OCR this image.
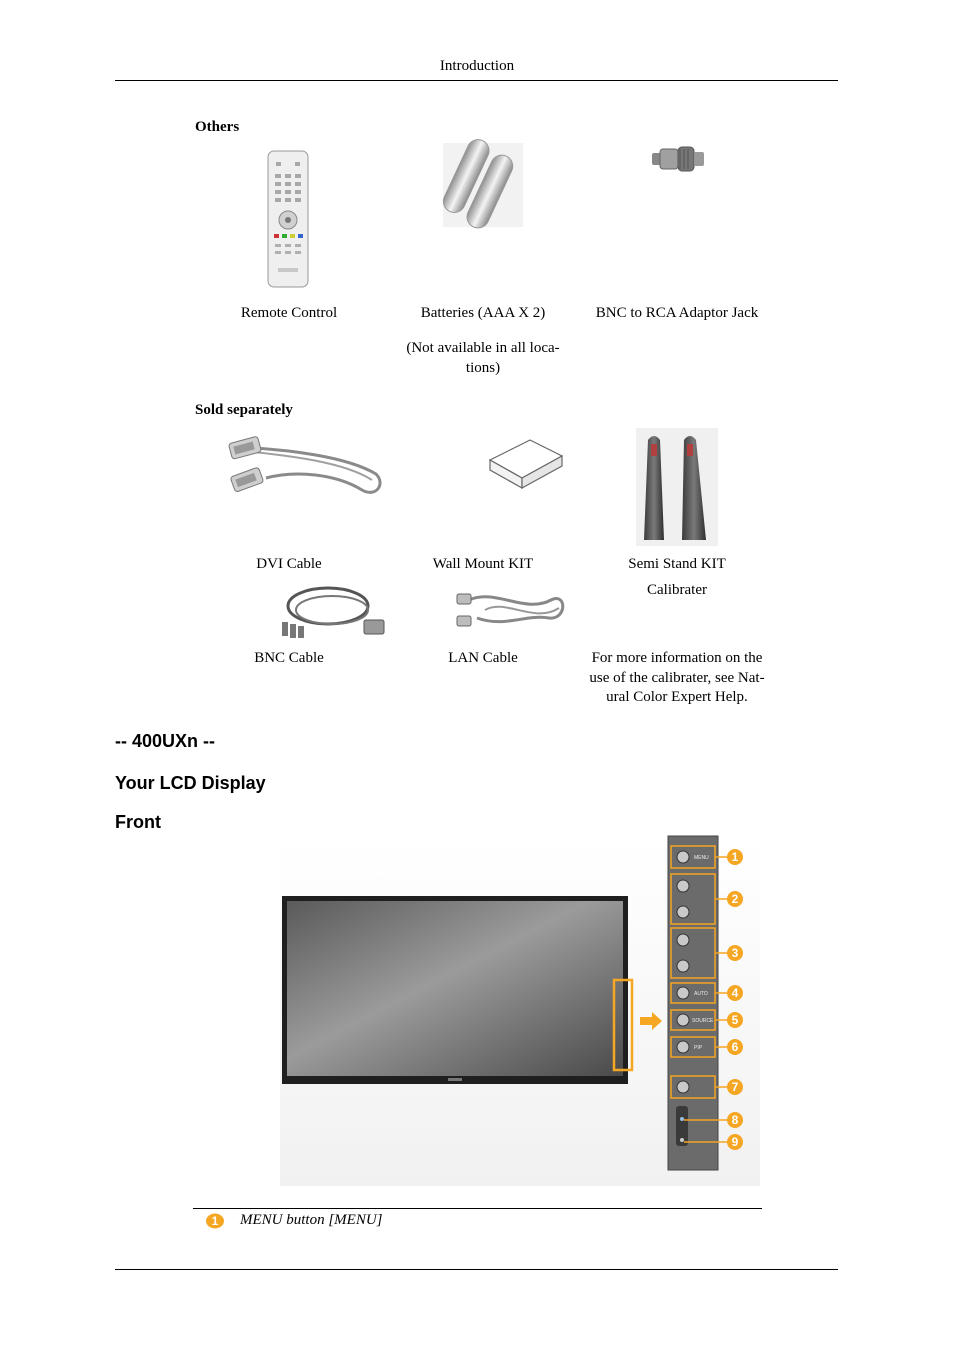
Introduction
Others
Remote Control	Batteries (AAA X 2)
(Not available in all loca-
tions)
BNC to RCA Adaptor Jack
Sold separately
DVI Cable	Wall Mount KIT	Semi Stand KIT
Calibrater
BNC Cable	LAN Cable	For more information on the
use of the calibrater, see Nat-
ural Color Expert Help.
-- 400UXn --
Your LCD Display
Front
MENU
AUTO
SOURCE
PIP
1
2
3
4
5
6
7
8
9
1 MENU button [MENU]
